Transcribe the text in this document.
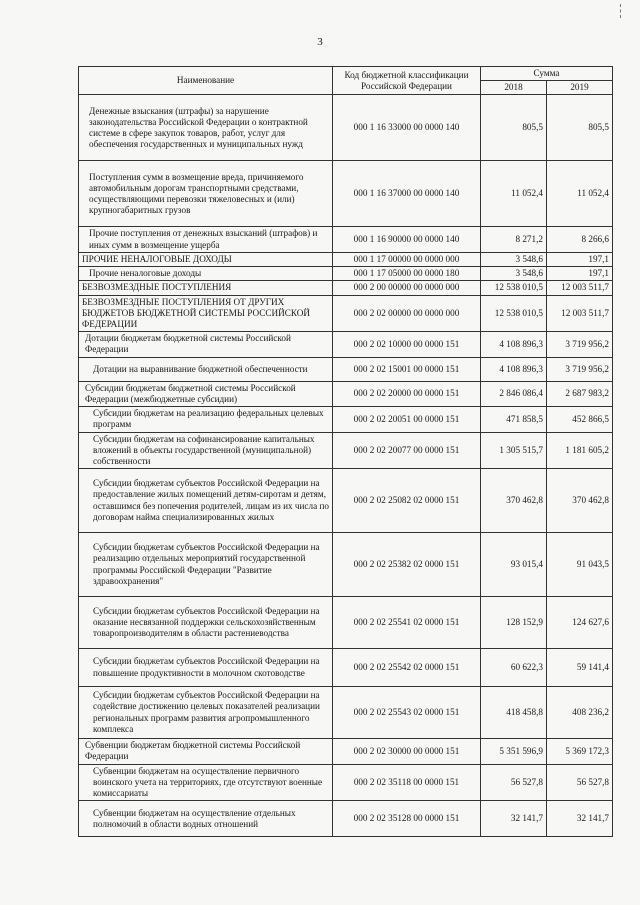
3
Наименование	Код бюджетной классификации Российской Федерации	Сумма	
		2018	2019
Денежные взыскания (штрафы) за нарушение законодательства Российской Федерации о контрактной системе в сфере закупок товаров, работ, услуг для обеспечения государственных и муниципальных нужд	000 1 16 33000 00 0000 140	805,5	805,5
Поступления сумм в возмещение вреда, причиняемого автомобильным дорогам транспортными средствами, осуществляющими перевозки тяжеловесных и (или) крупногабаритных грузов	000 1 16 37000 00 0000 140	11 052,4	11 052,4
Прочие поступления от денежных взысканий (штрафов) и иных сумм в возмещение ущерба	000 1 16 90000 00 0000 140	8 271,2	8 266,6
ПРОЧИЕ НЕНАЛОГОВЫЕ ДОХОДЫ	000 1 17 00000 00 0000 000	3 548,6	197,1
Прочие неналоговые доходы	000 1 17 05000 00 0000 180	3 548,6	197,1
БЕЗВОЗМЕЗДНЫЕ ПОСТУПЛЕНИЯ	000 2 00 00000 00 0000 000	12 538 010,5	12 003 511,7
БЕЗВОЗМЕЗДНЫЕ ПОСТУПЛЕНИЯ ОТ ДРУГИХ БЮДЖЕТОВ БЮДЖЕТНОЙ СИСТЕМЫ РОССИЙСКОЙ ФЕДЕРАЦИИ	000 2 02 00000 00 0000 000	12 538 010,5	12 003 511,7
Дотации бюджетам бюджетной системы Российской Федерации	000 2 02 10000 00 0000 151	4 108 896,3	3 719 956,2
Дотации на выравнивание бюджетной обеспеченности	000 2 02 15001 00 0000 151	4 108 896,3	3 719 956,2
Субсидии бюджетам бюджетной системы Российской Федерации (межбюджетные субсидии)	000 2 02 20000 00 0000 151	2 846 086,4	2 687 983,2
Субсидии бюджетам на реализацию федеральных целевых программ	000 2 02 20051 00 0000 151	471 858,5	452 866,5
Субсидии бюджетам на софинансирование капитальных вложений в объекты государственной (муниципальной) собственности	000 2 02 20077 00 0000 151	1 305 515,7	1 181 605,2
Субсидии бюджетам субъектов Российской Федерации на предоставление жилых помещений детям-сиротам и детям, оставшимся без попечения родителей, лицам из их числа по договорам найма специализированных жилых	000 2 02 25082 02 0000 151	370 462,8	370 462,8
Субсидии бюджетам субъектов Российской Федерации на реализацию отдельных мероприятий государственной программы Российской Федерации "Развитие здравоохранения"	000 2 02 25382 02 0000 151	93 015,4	91 043,5
Субсидии бюджетам субъектов Российской Федерации на оказание несвязанной поддержки сельскохозяйственным товаропроизводителям в области растениеводства	000 2 02 25541 02 0000 151	128 152,9	124 627,6
Субсидии бюджетам субъектов Российской Федерации на повышение продуктивности в молочном скотоводстве	000 2 02 25542 02 0000 151	60 622,3	59 141,4
Субсидии бюджетам субъектов Российской Федерации на содействие достижению целевых показателей реализации региональных программ развития агропромышленного комплекса	000 2 02 25543 02 0000 151	418 458,8	408 236,2
Субвенции бюджетам бюджетной системы Российской Федерации	000 2 02 30000 00 0000 151	5 351 596,9	5 369 172,3
Субвенции бюджетам на осуществление первичного воинского учета на территориях, где отсутствуют военные комиссариаты	000 2 02 35118 00 0000 151	56 527,8	56 527,8
Субвенции бюджетам на осуществление отдельных полномочий в области водных отношений	000 2 02 35128 00 0000 151	32 141,7	32 141,7
